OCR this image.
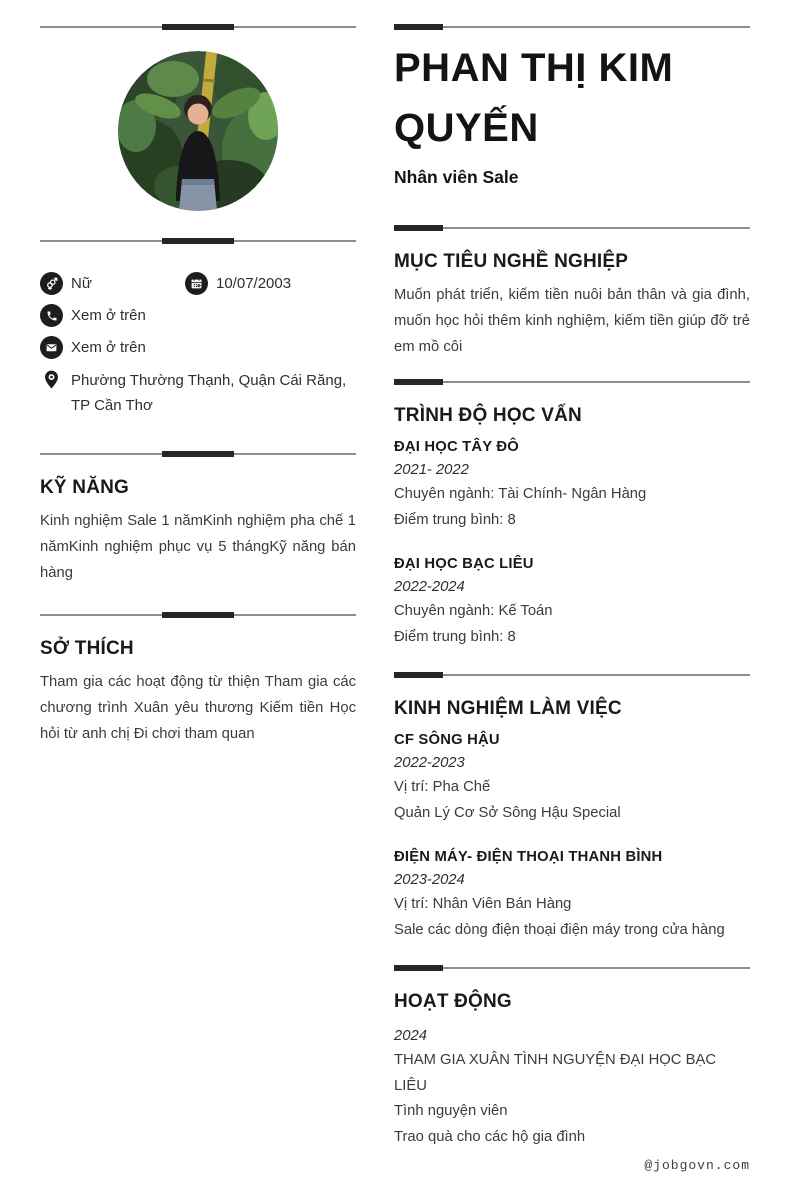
Nữ	10/07/2003
Xem ở trên
Xem ở trên
Phường Thường Thạnh, Quận Cái Răng, TP Cần Thơ
KỸ NĂNG

Kinh nghiệm Sale 1 nămKinh nghiệm pha chế 1 nămKinh nghiệm phục vụ 5 thángKỹ năng bán hàng

SỞ THÍCH

Tham gia các hoạt động từ thiện Tham gia các chương trình Xuân yêu thương Kiếm tiền Học hỏi từ anh chị Đi chơi tham quan

PHAN THỊ KIM QUYẾN
Nhân viên Sale
MỤC TIÊU NGHỀ NGHIỆP

Muốn phát triển, kiếm tiền nuôi bản thân và gia đình, muốn học hỏi thêm kinh nghiệm, kiếm tiền giúp đỡ trẻ em mồ côi

TRÌNH ĐỘ HỌC VẤN
ĐẠI HỌC TÂY ĐÔ
2021- 2022
Chuyên ngành: Tài Chính- Ngân Hàng
Điểm trung bình: 8
ĐẠI HỌC BẠC LIÊU
2022-2024
Chuyên ngành: Kế Toán
Điểm trung bình: 8
KINH NGHIỆM LÀM VIỆC
CF SÔNG HẬU
2022-2023
Vị trí: Pha Chế
Quản Lý Cơ Sở Sông Hậu Special
ĐIỆN MÁY- ĐIỆN THOẠI THANH BÌNH
2023-2024
Vị trí: Nhân Viên Bán Hàng
Sale các dòng điện thoại điện máy trong cửa hàng
HOẠT ĐỘNG
2024
THAM GIA XUÂN TÌNH NGUYỆN ĐẠI HỌC BẠC LIÊU
Tình nguyện viên
Trao quà cho các hộ gia đình
@jobgovn.com
